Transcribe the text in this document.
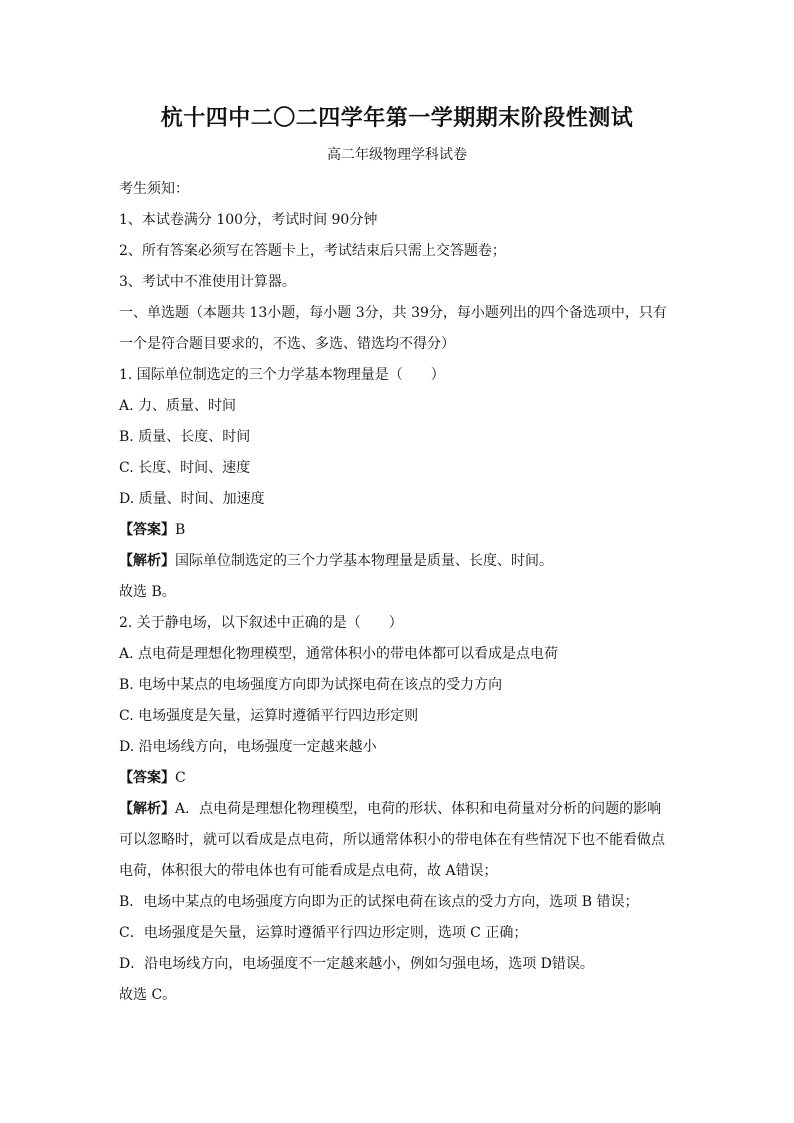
杭十四中二〇二四学年第一学期期末阶段性测试
高二年级物理学科试卷
考生须知：
1、本试卷满分 100分，考试时间 90分钟
2、所有答案必须写在答题卡上，考试结束后只需上交答题卷；
3、考试中不准使用计算器。
一、单选题（本题共 13小题，每小题 3分，共 39分，每小题列出的四个备选项中，只有
一个是符合题目要求的，不选、多选、错选均不得分）
1. 国际单位制选定的三个力学基本物理量是（　　）
A. 力、质量、时间
B. 质量、长度、时间
C. 长度、时间、速度
D. 质量、时间、加速度
【答案】B
【解析】国际单位制选定的三个力学基本物理量是质量、长度、时间。
故选 B。
2. 关于静电场，以下叙述中正确的是（　　）
A. 点电荷是理想化物理模型，通常体积小的带电体都可以看成是点电荷
B. 电场中某点的电场强度方向即为试探电荷在该点的受力方向
C. 电场强度是矢量，运算时遵循平行四边形定则
D. 沿电场线方向，电场强度一定越来越小
【答案】C
【解析】A．点电荷是理想化物理模型，电荷的形状、体积和电荷量对分析的问题的影响
可以忽略时，就可以看成是点电荷，所以通常体积小的带电体在有些情况下也不能看做点
电荷，体积很大的带电体也有可能看成是点电荷，故 A错误；
B．电场中某点的电场强度方向即为正的试探电荷在该点的受力方向，选项 B 错误；
C．电场强度是矢量，运算时遵循平行四边形定则，选项 C 正确；
D．沿电场线方向，电场强度不一定越来越小，例如匀强电场，选项 D错误。
故选 C。
